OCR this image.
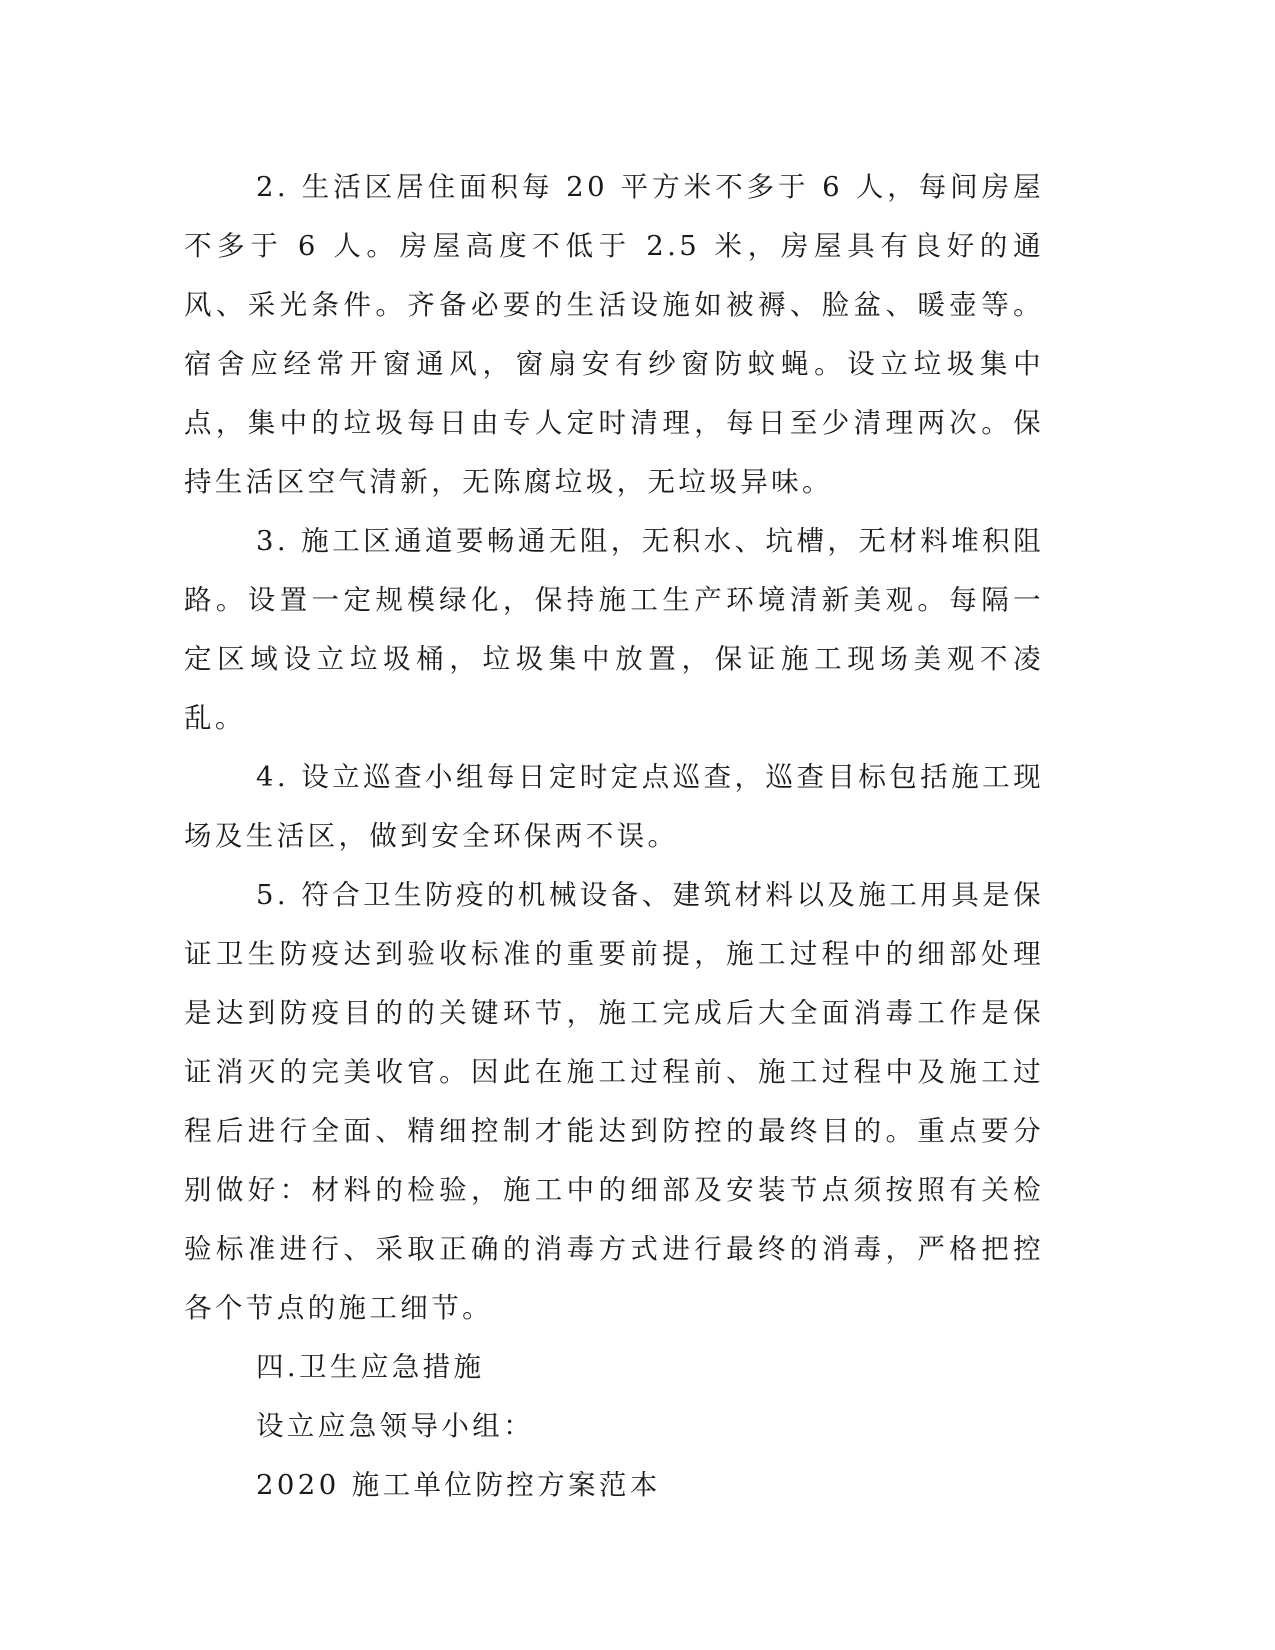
2. 生活区居住面积每 20 平方米不多于 6 人，每间房屋不多于 6 人。房屋高度不低于 2.5 米，房屋具有良好的通风、采光条件。齐备必要的生活设施如被褥、脸盆、暖壶等。宿舍应经常开窗通风，窗扇安有纱窗防蚊蝇。设立垃圾集中点，集中的垃圾每日由专人定时清理，每日至少清理两次。保持生活区空气清新，无陈腐垃圾，无垃圾异味。

3. 施工区通道要畅通无阻，无积水、坑槽，无材料堆积阻路。设置一定规模绿化，保持施工生产环境清新美观。每隔一定区域设立垃圾桶，垃圾集中放置，保证施工现场美观不凌乱。

4. 设立巡查小组每日定时定点巡查，巡查目标包括施工现场及生活区，做到安全环保两不误。

5. 符合卫生防疫的机械设备、建筑材料以及施工用具是保证卫生防疫达到验收标准的重要前提，施工过程中的细部处理是达到防疫目的的关键环节，施工完成后大全面消毒工作是保证消灭的完美收官。因此在施工过程前、施工过程中及施工过程后进行全面、精细控制才能达到防控的最终目的。重点要分别做好：材料的检验，施工中的细部及安装节点须按照有关检验标准进行、采取正确的消毒方式进行最终的消毒，严格把控各个节点的施工细节。

四.卫生应急措施

设立应急领导小组：

2020 施工单位防控方案范本
